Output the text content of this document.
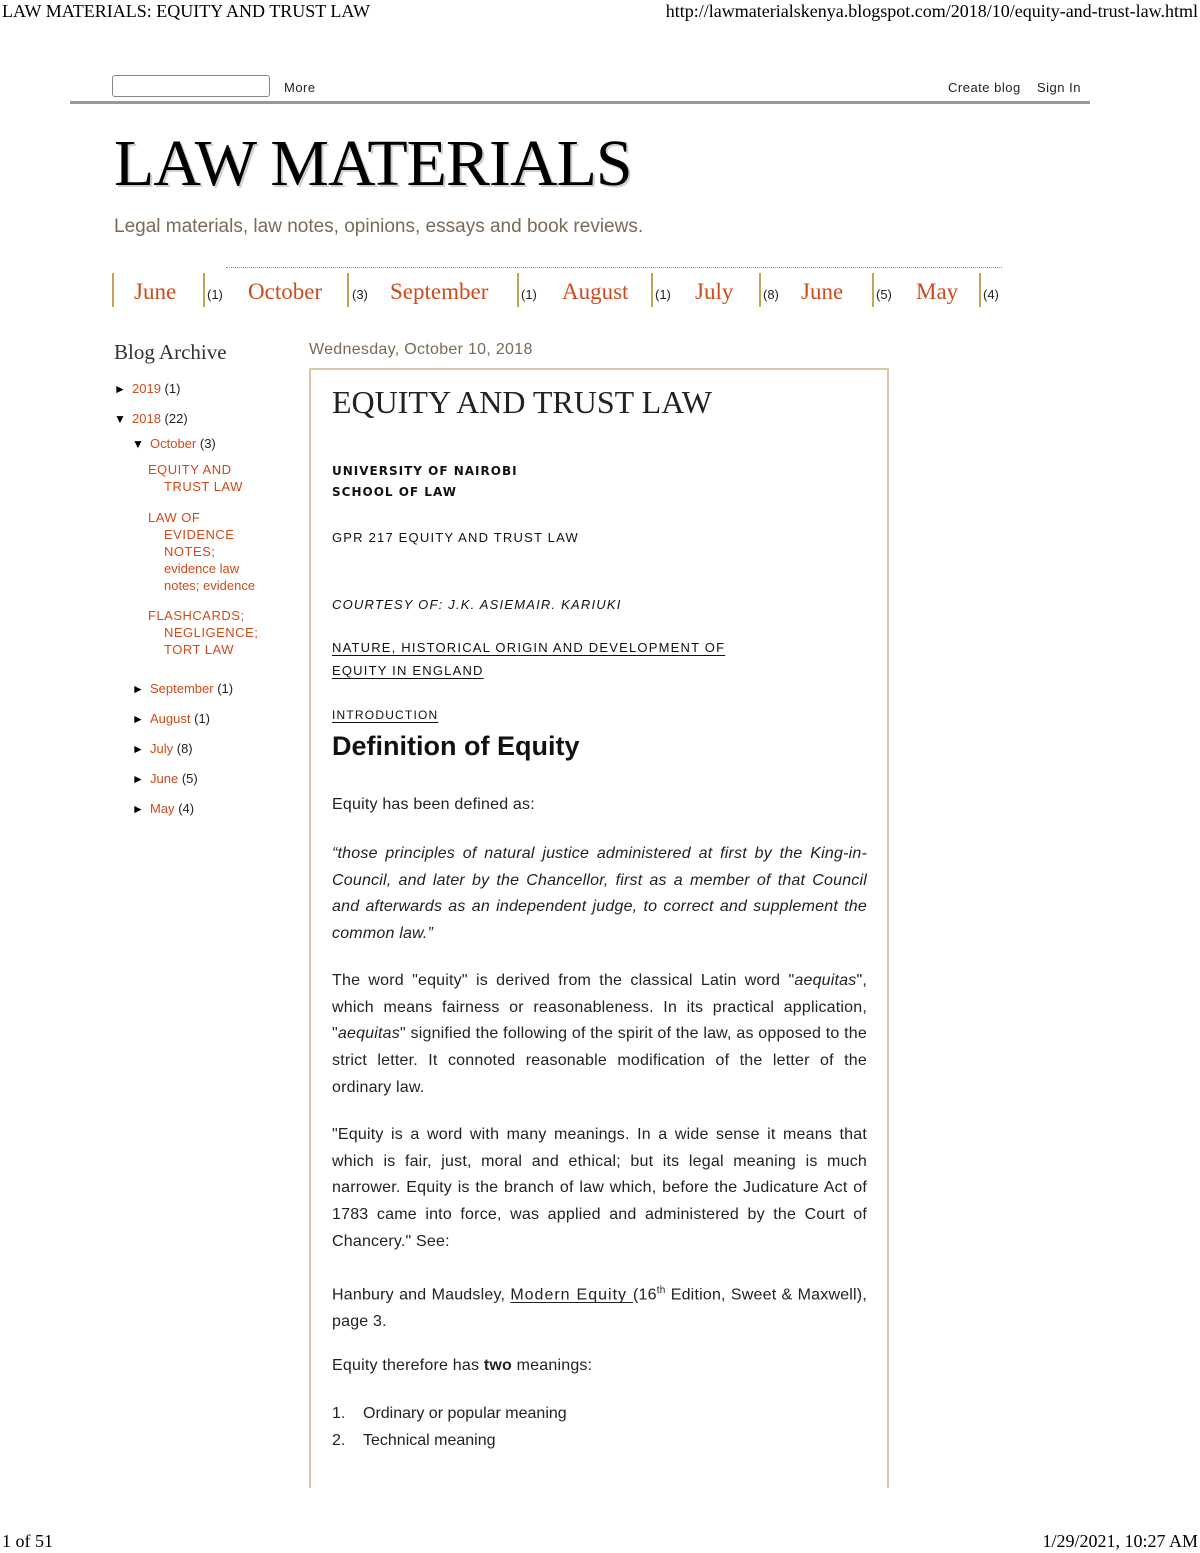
LAW MATERIALS: EQUITY AND TRUST LAW	http://lawmaterialskenya.blogspot.com/2018/10/equity-and-trust-law.html
More	Create blog Sign In
LAW MATERIALS
Legal materials, law notes, opinions, essays and book reviews.
June (1) October (3) September	(1) August (1) July (8) June	(5) May (4)
Blog Archive
► 2019 (1)
▼ 2018 (22)
▼ October (3)
EQUITY AND
TRUST LAW
LAW OF
EVIDENCE
NOTES;
evidence law
notes; evidence
FLASHCARDS;
NEGLIGENCE;
TORT LAW
► September (1)
► August (1)
► July (8)
► June (5)
► May (4)
Wednesday, October 10, 2018
EQUITY AND TRUST LAW
UNIVERSITY OF NAIROBI
SCHOOL OF LAW
GPR 217 EQUITY AND TRUST LAW
COURTESY OF: J.K. ASIEMAIR. KARIUKI
NATURE, HISTORICAL ORIGIN AND DEVELOPMENT OF
EQUITY IN ENGLAND
INTRODUCTION
Definition of Equity
Equity has been defined as:
“those principles of natural justice administered at first by the King-in-Council, and later by the Chancellor, first as a member of that Council and afterwards as an independent judge, to correct and supplement the common law.”
The word "equity" is derived from the classical Latin word "aequitas", which means fairness or reasonableness. In its practical application, "aequitas" signified the following of the spirit of the law, as opposed to the strict letter. It connoted reasonable modification of the letter of the ordinary law.
"Equity is a word with many meanings. In a wide sense it means that which is fair, just, moral and ethical; but its legal meaning is much narrower. Equity is the branch of law which, before the Judicature Act of 1783 came into force, was applied and administered by the Court of Chancery." See:
Hanbury and Maudsley, Modern Equity (16th Edition, Sweet & Maxwell), page 3.
Equity therefore has two meanings:
1. Ordinary or popular meaning
2. Technical meaning
1 of 51	1/29/2021, 10:27 AM
